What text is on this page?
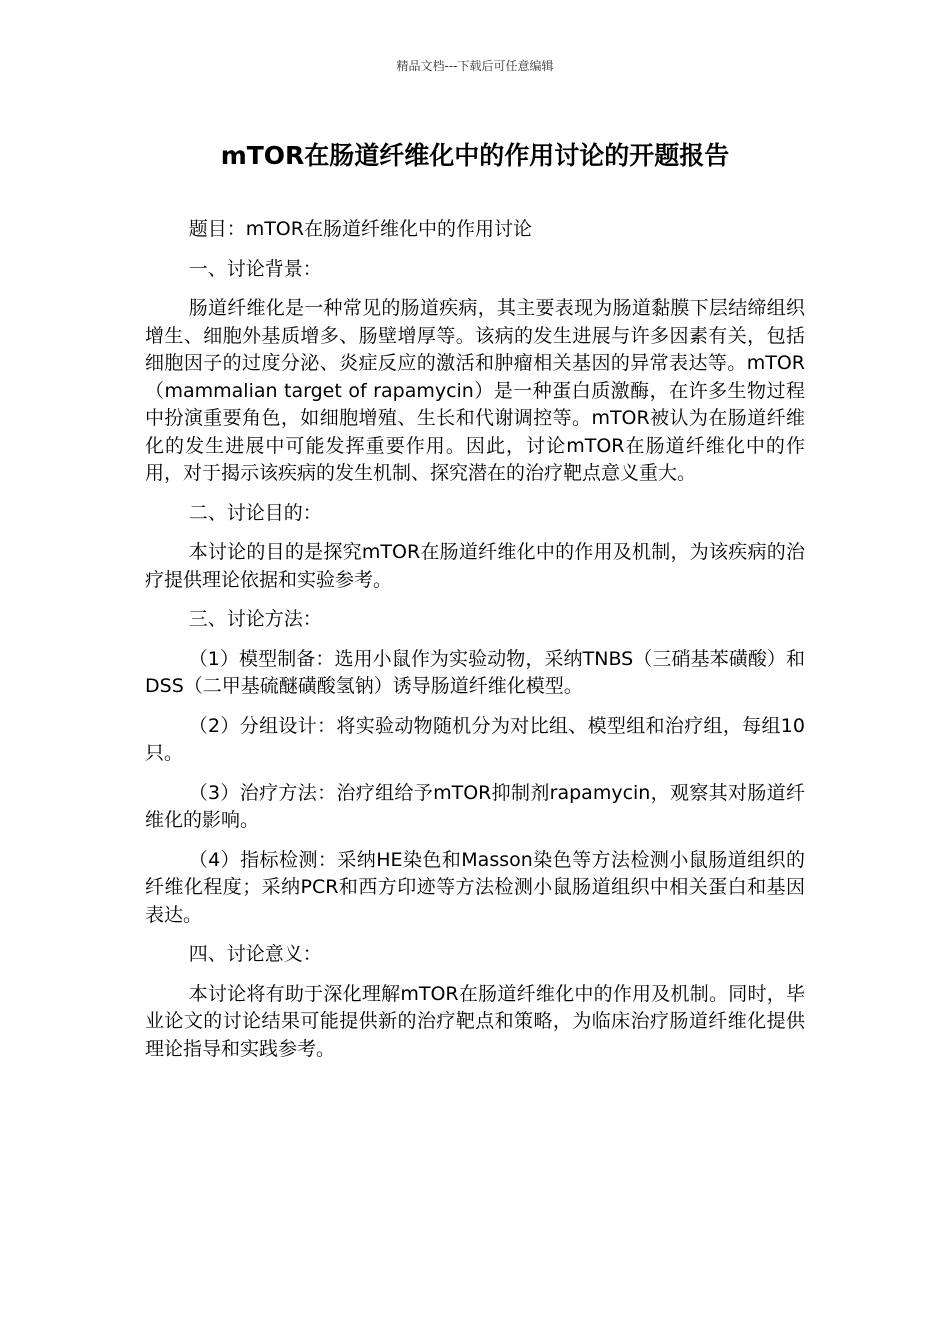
精品文档---下载后可任意编辑
mTOR在肠道纤维化中的作用讨论的开题报告

题目：mTOR在肠道纤维化中的作用讨论

一、讨论背景：

肠道纤维化是一种常见的肠道疾病，其主要表现为肠道黏膜下层结缔组织增生、细胞外基质增多、肠壁增厚等。该病的发生进展与许多因素有关，包括细胞因子的过度分泌、炎症反应的激活和肿瘤相关基因的异常表达等。mTOR（mammalian target of rapamycin）是一种蛋白质激酶，在许多生物过程中扮演重要角色，如细胞增殖、生长和代谢调控等。mTOR被认为在肠道纤维化的发生进展中可能发挥重要作用。因此，讨论mTOR在肠道纤维化中的作用，对于揭示该疾病的发生机制、探究潜在的治疗靶点意义重大。

二、讨论目的：

本讨论的目的是探究mTOR在肠道纤维化中的作用及机制，为该疾病的治疗提供理论依据和实验参考。

三、讨论方法：

（1）模型制备：选用小鼠作为实验动物，采纳TNBS（三硝基苯磺酸）和DSS（二甲基硫醚磺酸氢钠）诱导肠道纤维化模型。

（2）分组设计：将实验动物随机分为对比组、模型组和治疗组，每组10只。

（3）治疗方法：治疗组给予mTOR抑制剂rapamycin，观察其对肠道纤维化的影响。

（4）指标检测：采纳HE染色和Masson染色等方法检测小鼠肠道组织的纤维化程度；采纳PCR和西方印迹等方法检测小鼠肠道组织中相关蛋白和基因表达。

四、讨论意义：

本讨论将有助于深化理解mTOR在肠道纤维化中的作用及机制。同时，毕业论文的讨论结果可能提供新的治疗靶点和策略，为临床治疗肠道纤维化提供理论指导和实践参考。
